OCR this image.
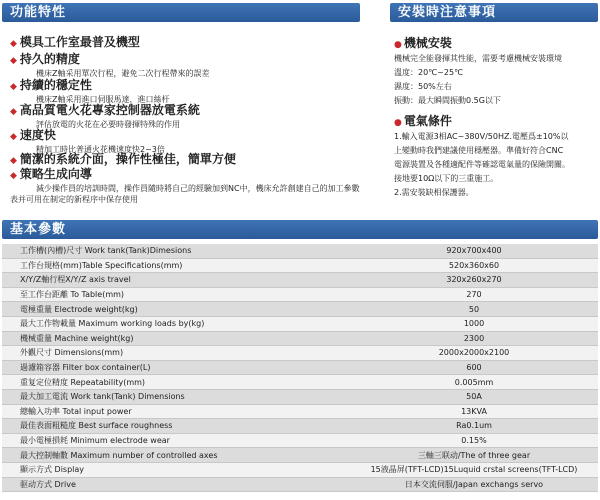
功能特性	安裝時注意事項
基本參數
◆ 模具工作室最普及機型
◆ 持久的精度
機床Z軸采用單次行程，避免二次行程帶來的誤差
◆ 持續的穩定性
機床Z軸采用進口伺服馬達，進口絲杆
◆ 高品質電火花專家控制器放電系統
評估放電的火花在必要時發揮特殊的作用
◆ 速度快
精加工時比普通火花機速度快2~3倍
◆ 簡潔的系統介面，操作性極佳，簡單方便
◆ 策略生成向導
減少操作員的培訓時間，操作員隨時將自己的經驗加到NC中，機床允許創建自己的加工參數表并可用在制定的新程序中保存使用
● 機械安裝
機械完全能發揮其性能，需要考慮機械安裝環境
溫度：20℃~25℃
濕度：50%左右
振動：最大瞬間振動0.5G以下
● 電氣條件
1.輸入電源3相AC~380V/50HZ.電壓爲±10%以
上變動時我們建議使用穩壓器。準備好符合CNC
電源裝置及各種適配件等確認電氣量的保險開關。
接地要10Ω以下的三重施工。
2.需安裝缺相保護器。
工作槽(內槽)尺寸 Work tank(Tank)Dimesions	920x700x400
工作台規格(mm)Table Specifications(mm)	520x360x60
X/Y/Z軸行程X/Y/Z axis travel	320x260x270
至工作台距離 To Table(mm)	270
電極重量 Electrode weight(kg)	50
最大工作物載量 Maximum working loads by(kg)	1000
機械重量 Machine weight(kg)	2300
外觀尺寸 Dimensions(mm)	2000x2000x2100
過濾箱容器 Filter box container(L)	600
重复定位精度 Repeatability(mm)	0.005mm
最大加工電流 Work tank(Tank) Dimensions	50A
總輸入功率 Total input power	13KVA
最佳表面粗糙度 Best surface roughness	Ra0.1um
最小電極損耗 Minimum electrode wear	0.15%
最大控制軸數 Maximum number of controlled axes	三軸三联动/The of three gear
顯示方式 Display	15液晶屏(TFT-LCD)15Luquid crstal screens(TFT-LCD)
驱动方式 Drive	日本交流伺服/Japan exchangs servo
